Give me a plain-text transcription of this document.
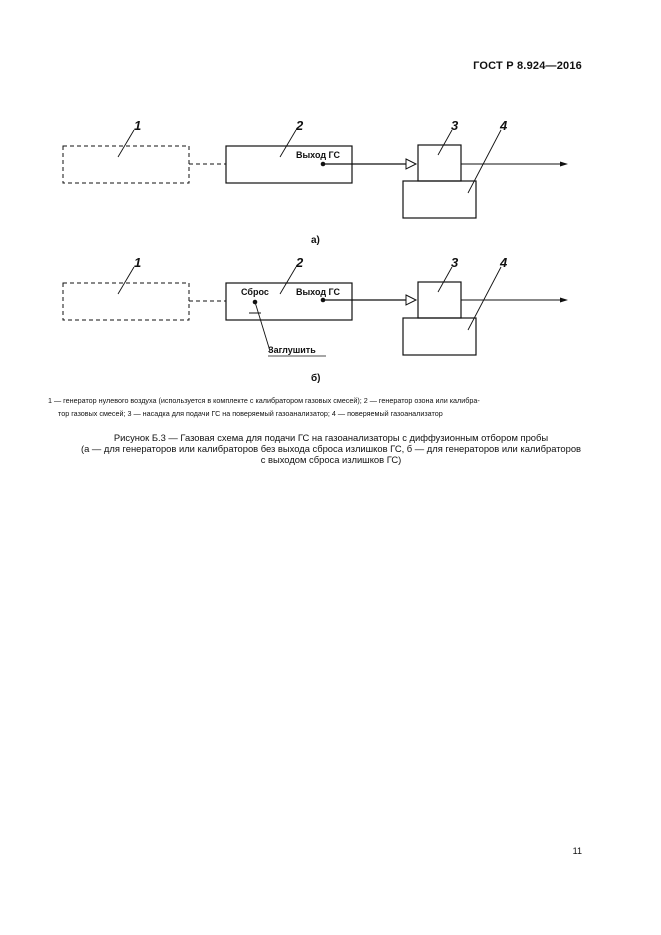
ГОСТ Р 8.924—2016
Выход ГС
1	2	3	4
а)
Сброс	Выход ГС
Заглушить
1	2	3	4
б)
1 — генератор нулевого воздуха (используется в комплекте с калибратором газовых смесей); 2 — генератор озона или калибра-
тор газовых смесей; 3 — насадка для подачи ГС на поверяемый газоанализатор; 4 — поверяемый газоанализатор
Рисунок Б.3 — Газовая схема для подачи ГС на газоанализаторы с диффузионным отбором пробы
(а — для генераторов или калибраторов без выхода сброса излишков ГС, б — для генераторов или калибраторов
с выходом сброса излишков ГС)
11
